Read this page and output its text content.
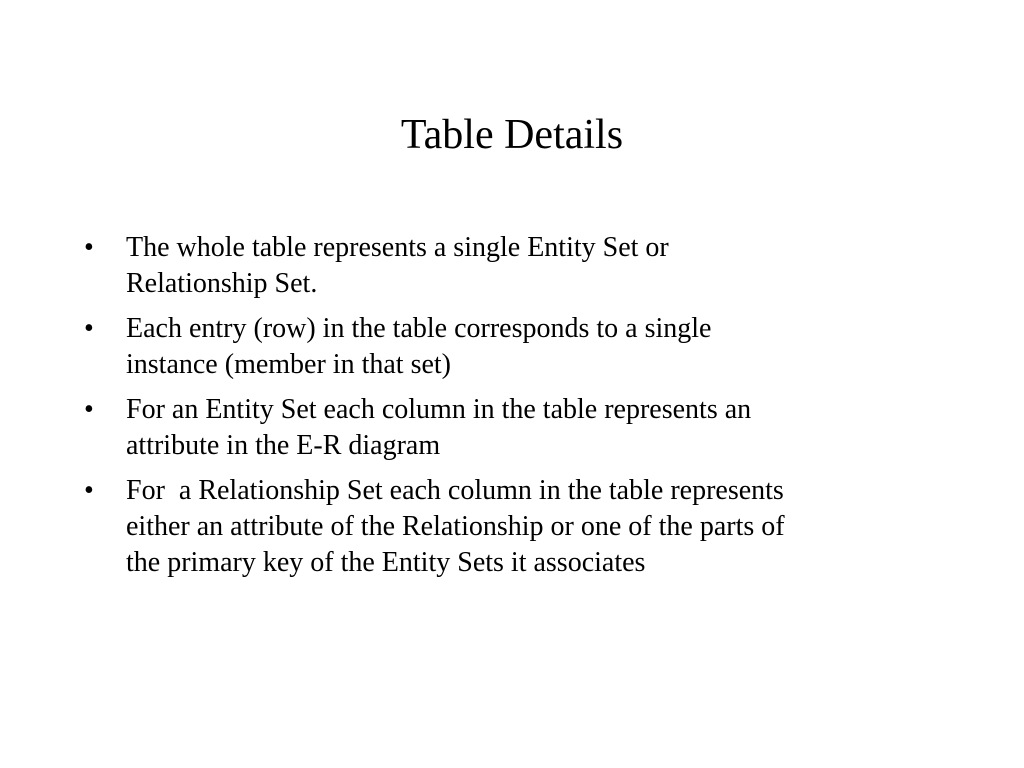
Table Details
•	The whole table represents a single Entity Set or
Relationship Set.
•	Each entry (row) in the table corresponds to a single
instance (member in that set)
•	For an Entity Set each column in the table represents an
attribute in the E-R diagram
•	For  a Relationship Set each column in the table represents
either an attribute of the Relationship or one of the parts of
the primary key of the Entity Sets it associates
